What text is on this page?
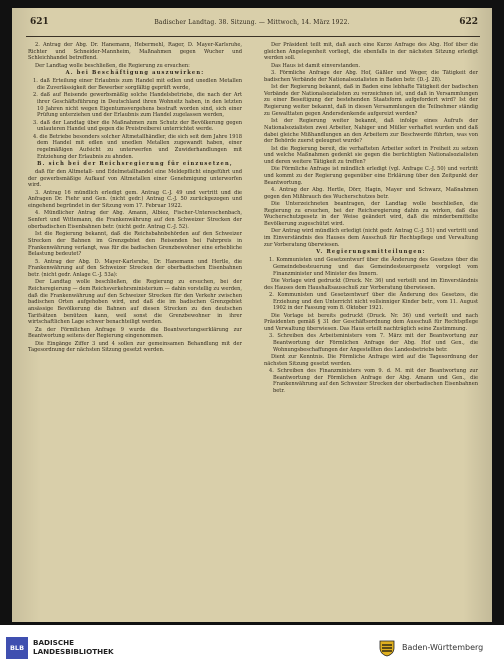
621	Badischer Landtag. 38. Sitzung. — Mittwoch, 14. März 1922.	622

2. Antrag der Abg. Dr. Hanemann, Hebermehl, Rager, D. Mayer-Karlsruhe, Richter und Schneider-Mannheim, Maßnahmen gegen Wucher und Schleichhandel betreffend.

Der Landtag wolle beschließen, die Regierung zu ersuchen:

A. bei Beschäftigung auszuwirken:

1. daß Erteilung einer Erlaubnis zum Handel mit edlen und unedlen Metallen die Zuverlässigkeit der Bewerber sorgfältig geprüft werde,

2. daß auf Reisende gewerbsmäßig solche Handelsbetriebe, die nach der Art ihrer Geschäftsführung in Deutschland ihren Wohnsitz haben, in den letzten 10 Jahren nicht wegen Eigentumsvergehens bestraft worden sind, sich einer Prüfung unterziehen und der Erlaubnis zum Handel zugelassen werden,

3. daß der Landtag über die Maßnahmen zum Schutz der Bevölkerung gegen unlauteren Handel und gegen die Preistreiberei unterrichtet werde.

4. die Betriebe besonders solcher Altmetallhändler, die sich seit dem Jahre 1918 dem Handel mit edlen und unedlen Metallen zugewandt haben, einer regelmäßigen Aufsicht zu unterwerfen und Zuwiderhandlungen mit Entziehung der Erlaubnis zu ahnden.

B. sich bei der Reichsregierung für einzusetzen,

daß für den Altmetall- und Edelmetallhandel eine Meldepflicht eingeführt und der gewerbsmäßige Aufkauf von Altmetallen einer Genehmigung unterworfen wird.

3. Antrag 16 mündlich erledigt gem. Antrag C.-J. 49 und vertritt und die Anfragen Dr. Fiehr und Gen. (nicht gedr.) Antrag C.-J. 50 zurückgezogen und eingehend begründet in der Sitzung vom 17. Februar 1922.

4. Mündlicher Antrag der Abg. Amann, Albiez, Fischer-Untereschenbach, Senfert und Wittemann, die Frankenwährung auf den Schweizer Strecken der oberbadischen Eisenbahnen betr. (nicht gedr. Antrag C.-J. 52).

Ist die Regierung bekannt, daß die Reichsbahnbehörden auf den Schweizer Strecken der Bahnen im Grenzgebiet den Reisenden bei Fahrpreis in Frankenwährung verlangt, was für die badischen Grenzbewohner eine erhebliche Belastung bedeutet?

5. Antrag der Abg. D. Mayer-Karlsruhe, Dr. Hanemann und Hertle, die Frankenwährung auf den Schweizer Strecken der oberbadischen Eisenbahnen betr. (nicht gedr. Anlage C.-J. 53a):

Der Landtag wolle beschließen, die Regierung zu ersuchen, bei der Reichsregierung — dem Reichsverkehrsministerium — dahin vorstellig zu werden, daß die Frankenwährung auf den Schweizer Strecken für den Verkehr zwischen badischen Orten aufgehoben wird, und daß die im badischen Grenzgebiet ansässige Bevölkerung die Bahnen auf diesen Strecken zu den deutschen Tarifsätzen benützen kann, weil sonst die Grenzbewohner in ihrer wirtschaftlichen Lage schwer benachteiligt werden.

Zu der Förmlichen Anfrage 9 wurde die Beantwortungserklärung zur Beantwortung seitens der Regierung eingenommen.

Die Eingänge Ziffer 3 und 4 sollen zur gemeinsamen Behandlung mit der Tagesordnung der nächsten Sitzung gesetzt werden.

Der Präsident teilt mit, daß auch eine Kurze Anfrage des Abg. Hof über die gleichen Angelegenheit vorliegt, die ebenfalls in der nächsten Sitzung erledigt werden soll.

Das Haus ist damit einverstanden.

3. Förmliche Anfrage der Abg. Hof, Gäßler und Weger, die Tätigkeit der badischen Verbände der Nationalsozialisten in Baden betr. (D.-J. 28).

Ist der Regierung bekannt, daß in Baden eine lebhafte Tätigkeit der badischen Verbände der Nationalsozialisten zu verzeichnen ist, und daß in Versammlungen zu einer Beseitigung der bestehenden Staatsform aufgefordert wird? Ist der Regierung weiter bekannt, daß in diesen Versammlungen die Teilnehmer ständig zu Gewalttaten gegen Andersdenkende aufgereizt werden?

Ist der Regierung weiter bekannt, daß infolge eines Aufrufs der Nationalsozialisten zwei Arbeiter, Nahiger und Müller verhaftet wurden und daß dabei gleiche Mißhandlungen an den Arbeitern zur Beschwerde führten, was von der Behörde zuerst geleugnet wurde?

Ist die Regierung bereit, die verhafteten Arbeiter sofort in Freiheit zu setzen und welche Maßnahmen gedenkt sie gegen die berüchtigten Nationalsozialisten und deren weitere Tätigkeit zu treffen?

Die Förmliche Anfrage ist mündlich erledigt (vgl. Anfrage C.-J. 50) und vertritt und kommt zu der Regierung gegenüber eine Erklärung über den Zeitpunkt der Beantwortung.

4. Antrag der Abg. Hertle, Dörr, Hagin, Mayer und Schwarz, Maßnahmen gegen den Mißbrauch des Wucherschutzes betr.

Die Unterzeichneten beantragen, der Landtag wolle beschließen, die Regierung zu ersuchen, bei der Reichsregierung dahin zu wirken, daß das Wucherschutzgesetz in der Weise geändert wird, daß die minderbemittelte Bevölkerung zugeschützt wird.

Der Antrag wird mündlich erledigt (nicht gedr. Antrag C.-J. 51) und vertritt und im Einverständnis des Hauses dem Ausschuß für Rechtspflege und Verwaltung zur Vorberatung überwiesen.

V. Regierungsmitteilungen:

1. Kommunisten und Gesetzentwurf über die Änderung des Gesetzes über die Gemeindebesteuerung und das Gemeindesteuergesetz vorgelegt vom Finanzminister und Minister des Innern.

Die Vorlage wird gedruckt (Druck. Nr. 36) und verteilt und im Einverständnis des Hauses dem Haushaltsausschuß zur Vorberatung überwiesen.

2. Kommunisten und Gesetzentwurf über die Änderung des Gesetzes, die Erziehung und den Unterricht nicht vollsinniger Kinder betr., vom 11. August 1902 in der Fassung vom 8. Oktober 1921.

Die Vorlage ist bereits gedruckt (Druck. Nr. 36) und verteilt und nach Präsidenten gemäß § 31 der Geschäftsordnung dem Ausschuß für Rechtspflege und Verwaltung überwiesen. Das Haus erteilt nachträglich seine Zustimmung.

3. Schreiben des Arbeitsministers vom 7. März mit der Beantwortung zur Beantwortung der Förmlichen Anfrage der Abg. Hof und Gen., die Wohnungsbeschaffungen der Angestellten des Landesbetriebs betr.

Dient zur Kenntnis. Die Förmliche Anfrage wird auf die Tagesordnung der nächsten Sitzung gesetzt werden.

4. Schreiben des Finanzministers vom 9. d. M. mit der Beantwortung zur Beantwortung der Förmlichen Anfrage der Abg. Amann und Gen., die Frankenwährung auf den Schweizer Strecken der oberbadischen Eisenbahnen betr.

BLB
BADISCHE
LANDESBIBLIOTHEK	Baden-Württemberg
